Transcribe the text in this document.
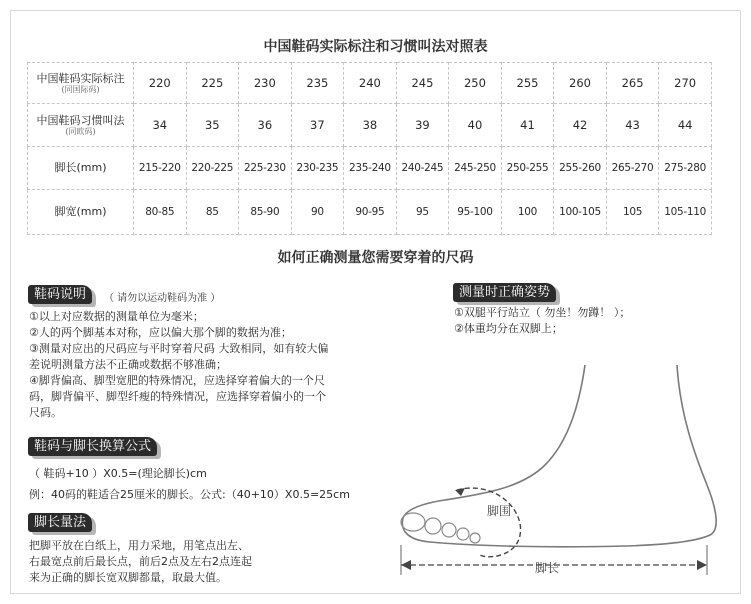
中国鞋码实际标注和习惯叫法对照表
中国鞋码实际标注
(同国际码)	220	225	230	235	240	245	250	255	260	265	270
中国鞋码习惯叫法
(同欧码)	34	35	36	37	38	39	40	41	42	43	44
脚长(mm)	215-220	220-225	225-230	230-235	235-240	240-245	245-250	250-255	255-260	265-270	275-280
脚宽(mm)	80-85	85	85-90	90	90-95	95	95-100	100	100-105	105	105-110
如何正确测量您需要穿着的尺码
鞋码说明	（ 请勿以运动鞋码为准 ）
①以上对应数据的测量单位为毫米；
②人的两个脚基本对称，应以偏大那个脚的数据为准；
③测量对应出的尺码应与平时穿着尺码 大致相同，如有较大偏
差说明测量方法不正确或数据不够准确；
④脚背偏高、脚型宽肥的特殊情况，应选择穿着偏大的一个尺
码，脚背偏平、脚型纤瘦的特殊情况，应选择穿着偏小的一个
尺码。
鞋码与脚长换算公式
（ 鞋码+10 ）X0.5=(理论脚长)cm
例：40码的鞋适合25厘米的脚长。公式:（40+10）X0.5=25cm
脚长量法
把脚平放在白纸上，用力采地，用笔点出左、
右最宽点前后最长点，前后2点及左右2点连起
来为正确的脚长宽双脚都量，取最大值。
测量时正确姿势
①双腿平行站立（ 勿坐！勿蹲！ ）；
②体重均分在双脚上；
脚围
脚长
